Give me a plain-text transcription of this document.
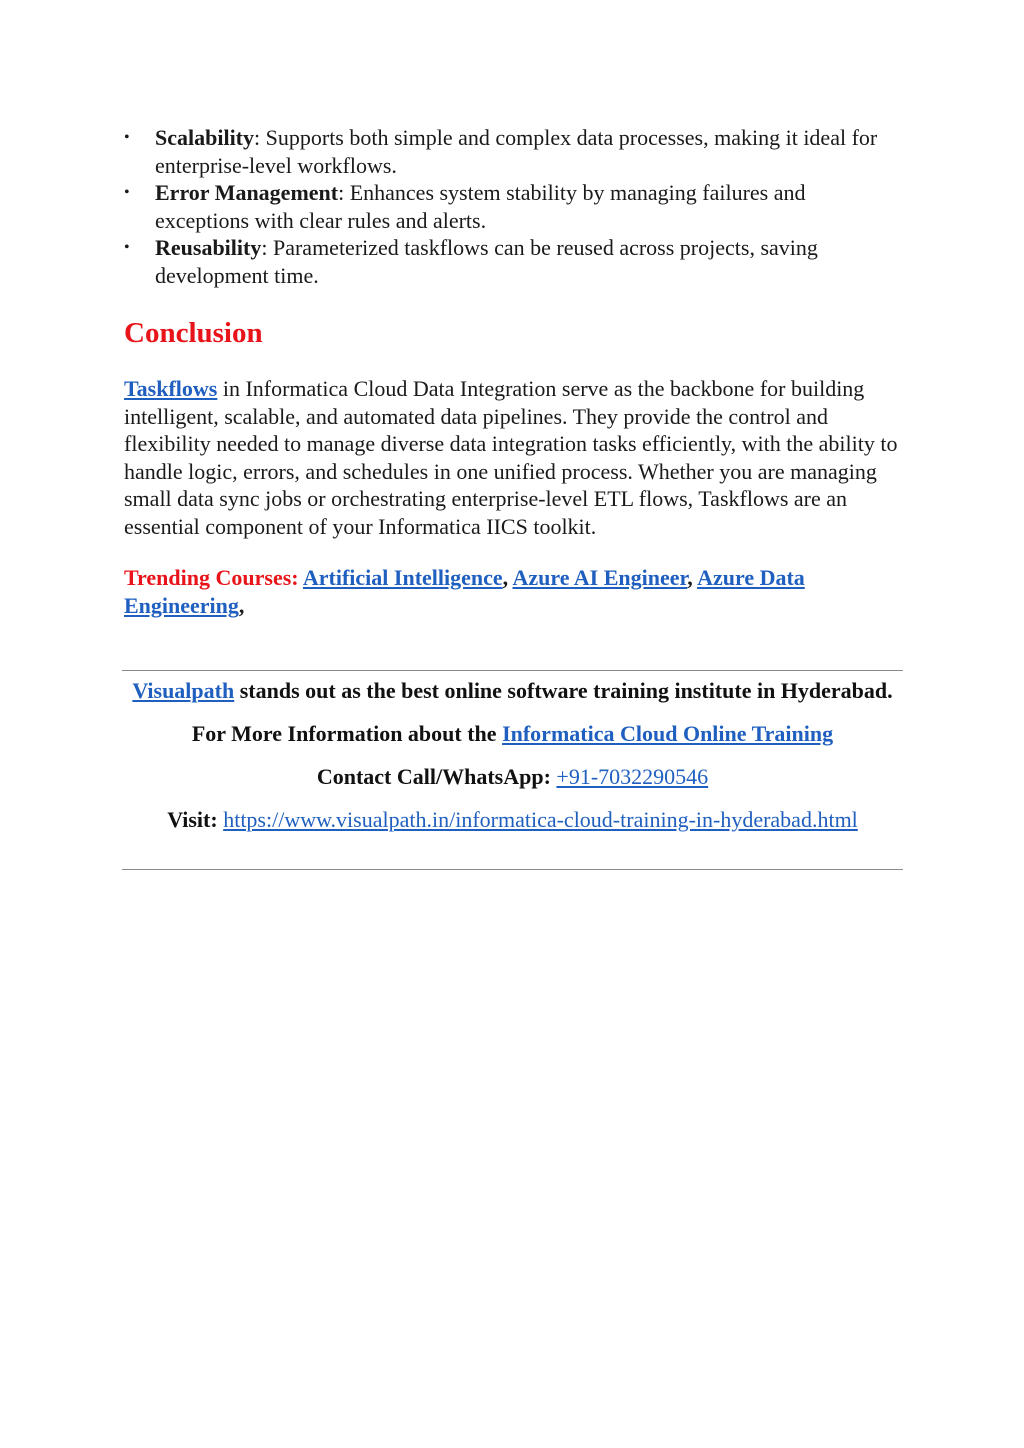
• Scalability: Supports both simple and complex data processes, making it ideal for enterprise-level workflows.
• Error Management: Enhances system stability by managing failures and exceptions with clear rules and alerts.
• Reusability: Parameterized taskflows can be reused across projects, saving development time.
Conclusion

Taskflows in Informatica Cloud Data Integration serve as the backbone for building intelligent, scalable, and automated data pipelines. They provide the control and flexibility needed to manage diverse data integration tasks efficiently, with the ability to handle logic, errors, and schedules in one unified process. Whether you are managing small data sync jobs or orchestrating enterprise-level ETL flows, Taskflows are an essential component of your Informatica IICS toolkit.

Trending Courses: Artificial Intelligence, Azure AI Engineer, Azure Data Engineering,

Visualpath stands out as the best online software training institute in Hyderabad.
For More Information about the Informatica Cloud Online Training
Contact Call/WhatsApp: +91-7032290546
Visit: https://www.visualpath.in/informatica-cloud-training-in-hyderabad.html
